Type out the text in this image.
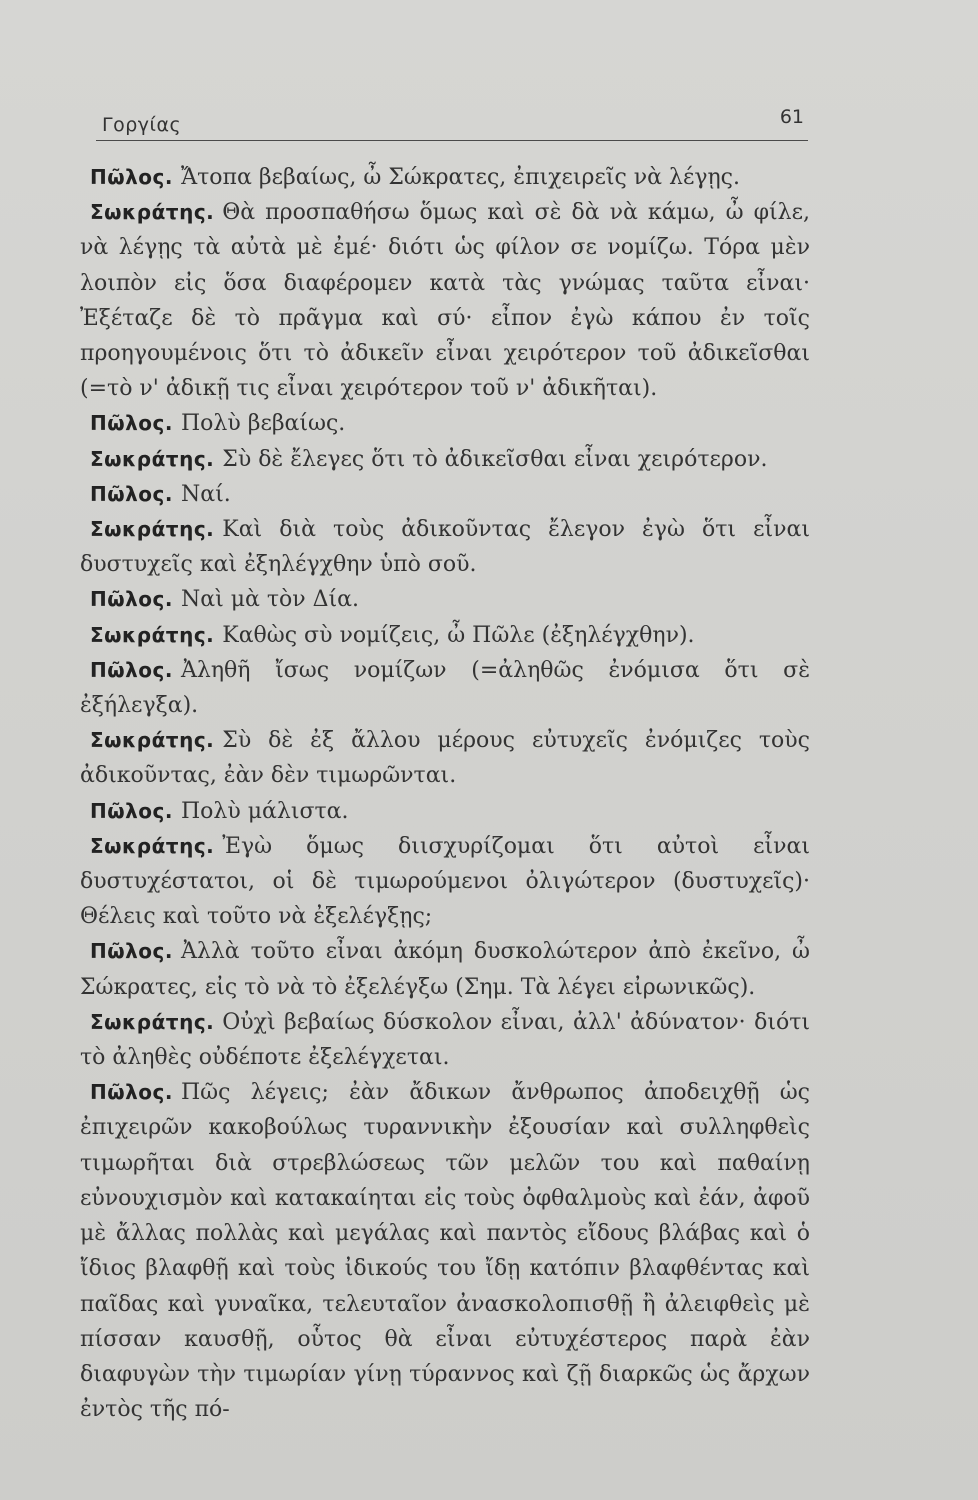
Γοργίας	61

Πῶλος. Ἄτοπα βεβαίως, ὦ Σώκρατες, ἐπιχειρεῖς νὰ λέγῃς.

Σωκράτης. Θὰ προσπαθήσω ὅμως καὶ σὲ δὰ νὰ κάμω, ὦ φίλε, νὰ λέγῃς τὰ αὐτὰ μὲ ἐμέ· διότι ὡς φίλον σε νομίζω. Τόρα μὲν λοιπὸν εἰς ὅσα διαφέρομεν κατὰ τὰς γνώμας ταῦτα εἶναι· Ἐξέταζε δὲ τὸ πρᾶγμα καὶ σύ· εἶπον ἐγὼ κάπου ἐν τοῖς προηγουμένοις ὅτι τὸ ἀδικεῖν εἶναι χειρότερον τοῦ ἀδικεῖσθαι (=τὸ ν' ἀδικῇ τις εἶναι χειρότερον τοῦ ν' ἀδικῆται).

Πῶλος. Πολὺ βεβαίως.

Σωκράτης. Σὺ δὲ ἔλεγες ὅτι τὸ ἀδικεῖσθαι εἶναι χειρότερον.

Πῶλος. Ναί.

Σωκράτης. Καὶ διὰ τοὺς ἀδικοῦντας ἔλεγον ἐγὼ ὅτι εἶναι δυστυχεῖς καὶ ἐξηλέγχθην ὑπὸ σοῦ.

Πῶλος. Ναὶ μὰ τὸν Δία.

Σωκράτης. Καθὼς σὺ νομίζεις, ὦ Πῶλε (ἐξηλέγχθην).

Πῶλος. Ἀληθῆ ἴσως νομίζων (=ἀληθῶς ἐνόμισα ὅτι σὲ ἐξήλεγξα).

Σωκράτης. Σὺ δὲ ἐξ ἄλλου μέρους εὐτυχεῖς ἐνόμιζες τοὺς ἀδικοῦντας, ἐὰν δὲν τιμωρῶνται.

Πῶλος. Πολὺ μάλιστα.

Σωκράτης. Ἐγὼ ὅμως διισχυρίζομαι ὅτι αὐτοὶ εἶναι δυστυχέστατοι, οἱ δὲ τιμωρούμενοι ὀλιγώτερον (δυστυχεῖς)· Θέλεις καὶ τοῦτο νὰ ἐξελέγξῃς;

Πῶλος. Ἀλλὰ τοῦτο εἶναι ἀκόμη δυσκολώτερον ἀπὸ ἐκεῖνο, ὦ Σώκρατες, εἰς τὸ νὰ τὸ ἐξελέγξω (Σημ. Τὰ λέγει εἰρωνικῶς).

Σωκράτης. Οὐχὶ βεβαίως δύσκολον εἶναι, ἀλλ' ἀδύνατον· διότι τὸ ἀληθὲς οὐδέποτε ἐξελέγχεται.

Πῶλος. Πῶς λέγεις; ἐὰν ἄδικων ἄνθρωπος ἀποδειχθῇ ὡς ἐπιχειρῶν κακοβούλως τυραννικὴν ἐξουσίαν καὶ συλληφθεὶς τιμωρῆται διὰ στρεβλώσεως τῶν μελῶν του καὶ παθαίνῃ εὐνουχισμὸν καὶ κατακαίηται εἰς τοὺς ὀφθαλμοὺς καὶ ἐάν, ἀφοῦ μὲ ἄλλας πολλὰς καὶ μεγάλας καὶ παντὸς εἴδους βλάβας καὶ ὁ ἴδιος βλαφθῇ καὶ τοὺς ἰδικούς του ἴδῃ κατόπιν βλαφθέντας καὶ παῖδας καὶ γυναῖκα, τελευταῖον ἀνασκολοπισθῇ ἢ ἀλειφθεὶς μὲ πίσσαν καυσθῇ, οὗτος θὰ εἶναι εὐτυχέστερος παρὰ ἐὰν διαφυγὼν τὴν τιμωρίαν γίνῃ τύραννος καὶ ζῇ διαρκῶς ὡς ἄρχων ἐντὸς τῆς πό-
